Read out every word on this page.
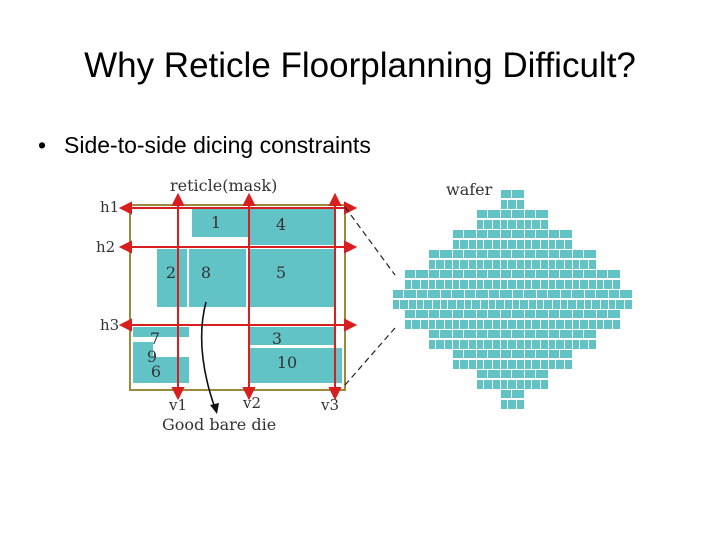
Why Reticle Floorplanning Difficult?
• Side-to-side dicing constraints
1	4
2 8	5
7	3
9
6	10
h1
h2
h3
v1	v2	v3
reticle(mask)	wafer
Good bare die
